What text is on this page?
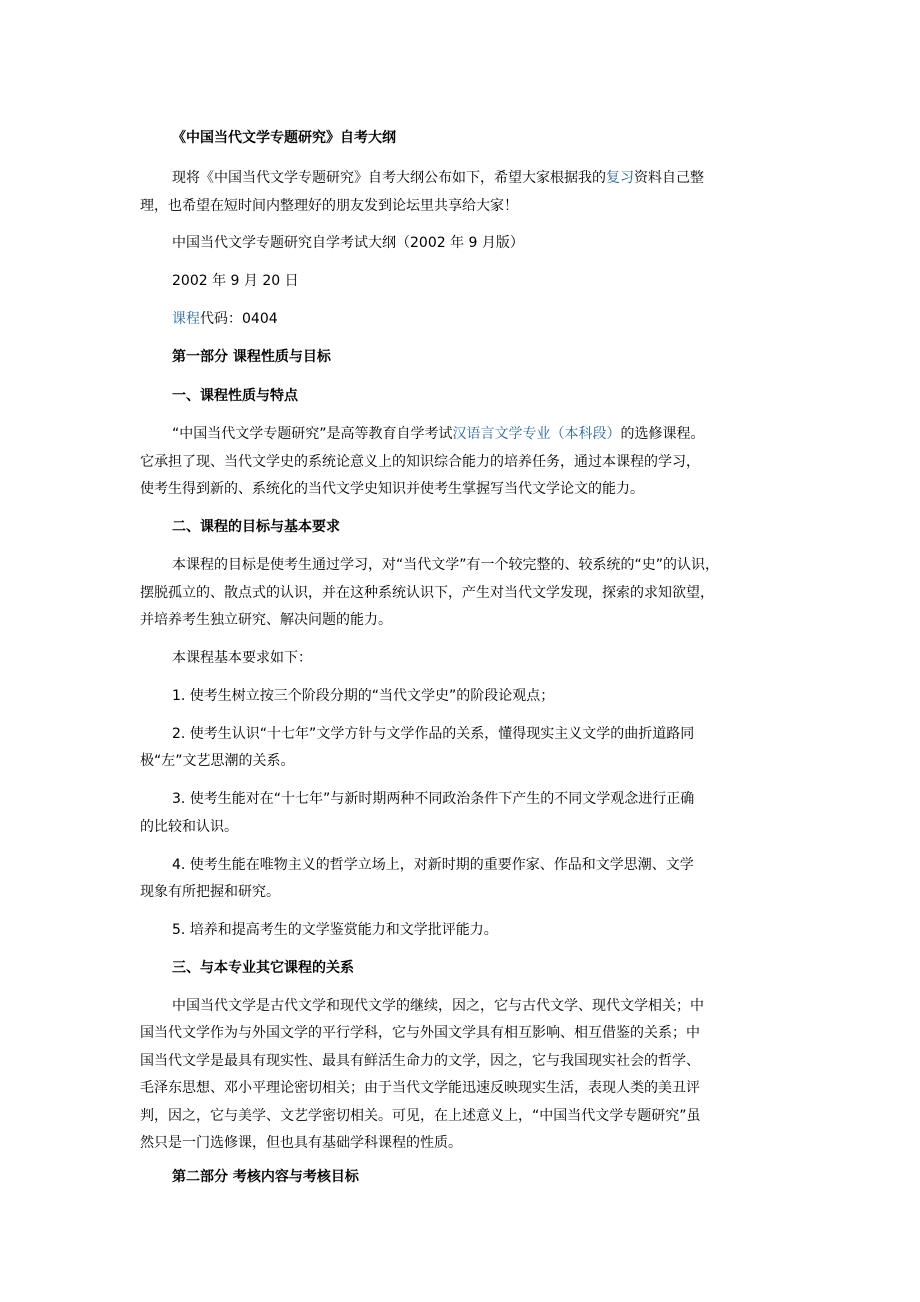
《中国当代文学专题研究》自考大纲
现将《中国当代文学专题研究》自考大纲公布如下，希望大家根据我的复习资料自己整
理，也希望在短时间内整理好的朋友发到论坛里共享给大家！
中国当代文学专题研究自学考试大纲（2002 年 9 月版）
2002 年 9 月 20 日
课程代码：0404
第一部分 课程性质与目标
一、课程性质与特点
“中国当代文学专题研究”是高等教育自学考试汉语言文学专业（本科段）的选修课程。
它承担了现、当代文学史的系统论意义上的知识综合能力的培养任务，通过本课程的学习，
使考生得到新的、系统化的当代文学史知识并使考生掌握写当代文学论文的能力。
二、课程的目标与基本要求
本课程的目标是使考生通过学习，对“当代文学”有一个较完整的、较系统的“史”的认识，
摆脱孤立的、散点式的认识，并在这种系统认识下，产生对当代文学发现，探索的求知欲望，
并培养考生独立研究、解决问题的能力。
本课程基本要求如下：
1. 使考生树立按三个阶段分期的“当代文学史”的阶段论观点；
2. 使考生认识“十七年”文学方针与文学作品的关系，懂得现实主义文学的曲折道路同
极“左”文艺思潮的关系。
3. 使考生能对在“十七年”与新时期两种不同政治条件下产生的不同文学观念进行正确
的比较和认识。
4. 使考生能在唯物主义的哲学立场上，对新时期的重要作家、作品和文学思潮、文学
现象有所把握和研究。
5. 培养和提高考生的文学鉴赏能力和文学批评能力。
三、与本专业其它课程的关系
中国当代文学是古代文学和现代文学的继续，因之，它与古代文学、现代文学相关；中
国当代文学作为与外国文学的平行学科，它与外国文学具有相互影响、相互借鉴的关系；中
国当代文学是最具有现实性、最具有鲜活生命力的文学，因之，它与我国现实社会的哲学、
毛泽东思想、邓小平理论密切相关；由于当代文学能迅速反映现实生活，表现人类的美丑评
判，因之，它与美学、文艺学密切相关。可见，在上述意义上，“中国当代文学专题研究”虽
然只是一门选修课，但也具有基础学科课程的性质。
第二部分 考核内容与考核目标
